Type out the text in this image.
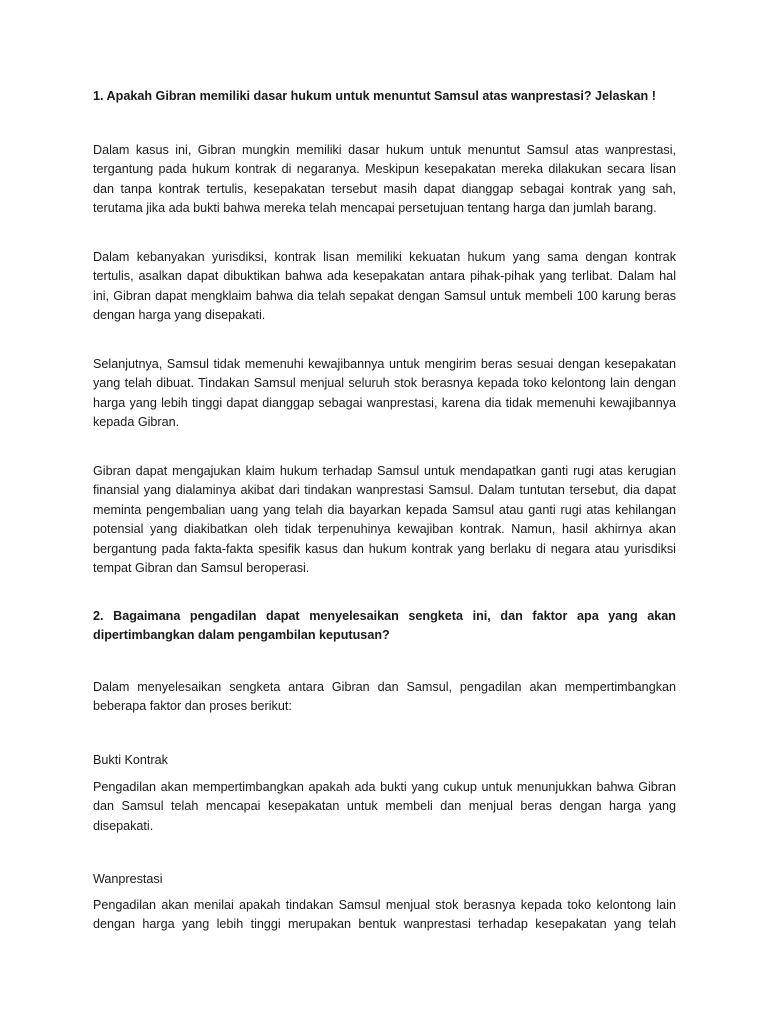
1. Apakah Gibran memiliki dasar hukum untuk menuntut Samsul atas wanprestasi? Jelaskan !

Dalam kasus ini, Gibran mungkin memiliki dasar hukum untuk menuntut Samsul atas wanprestasi, tergantung pada hukum kontrak di negaranya. Meskipun kesepakatan mereka dilakukan secara lisan dan tanpa kontrak tertulis, kesepakatan tersebut masih dapat dianggap sebagai kontrak yang sah, terutama jika ada bukti bahwa mereka telah mencapai persetujuan tentang harga dan jumlah barang.

Dalam kebanyakan yurisdiksi, kontrak lisan memiliki kekuatan hukum yang sama dengan kontrak tertulis, asalkan dapat dibuktikan bahwa ada kesepakatan antara pihak-pihak yang terlibat. Dalam hal ini, Gibran dapat mengklaim bahwa dia telah sepakat dengan Samsul untuk membeli 100 karung beras dengan harga yang disepakati.

Selanjutnya, Samsul tidak memenuhi kewajibannya untuk mengirim beras sesuai dengan kesepakatan yang telah dibuat. Tindakan Samsul menjual seluruh stok berasnya kepada toko kelontong lain dengan harga yang lebih tinggi dapat dianggap sebagai wanprestasi, karena dia tidak memenuhi kewajibannya kepada Gibran.

Gibran dapat mengajukan klaim hukum terhadap Samsul untuk mendapatkan ganti rugi atas kerugian finansial yang dialaminya akibat dari tindakan wanprestasi Samsul. Dalam tuntutan tersebut, dia dapat meminta pengembalian uang yang telah dia bayarkan kepada Samsul atau ganti rugi atas kehilangan potensial yang diakibatkan oleh tidak terpenuhinya kewajiban kontrak. Namun, hasil akhirnya akan bergantung pada fakta-fakta spesifik kasus dan hukum kontrak yang berlaku di negara atau yurisdiksi tempat Gibran dan Samsul beroperasi.

2. Bagaimana pengadilan dapat menyelesaikan sengketa ini, dan faktor apa yang akan dipertimbangkan dalam pengambilan keputusan?

Dalam menyelesaikan sengketa antara Gibran dan Samsul, pengadilan akan mempertimbangkan beberapa faktor dan proses berikut:

Bukti Kontrak

Pengadilan akan mempertimbangkan apakah ada bukti yang cukup untuk menunjukkan bahwa Gibran dan Samsul telah mencapai kesepakatan untuk membeli dan menjual beras dengan harga yang disepakati.

Wanprestasi

Pengadilan akan menilai apakah tindakan Samsul menjual stok berasnya kepada toko kelontong lain dengan harga yang lebih tinggi merupakan bentuk wanprestasi terhadap kesepakatan yang telah
